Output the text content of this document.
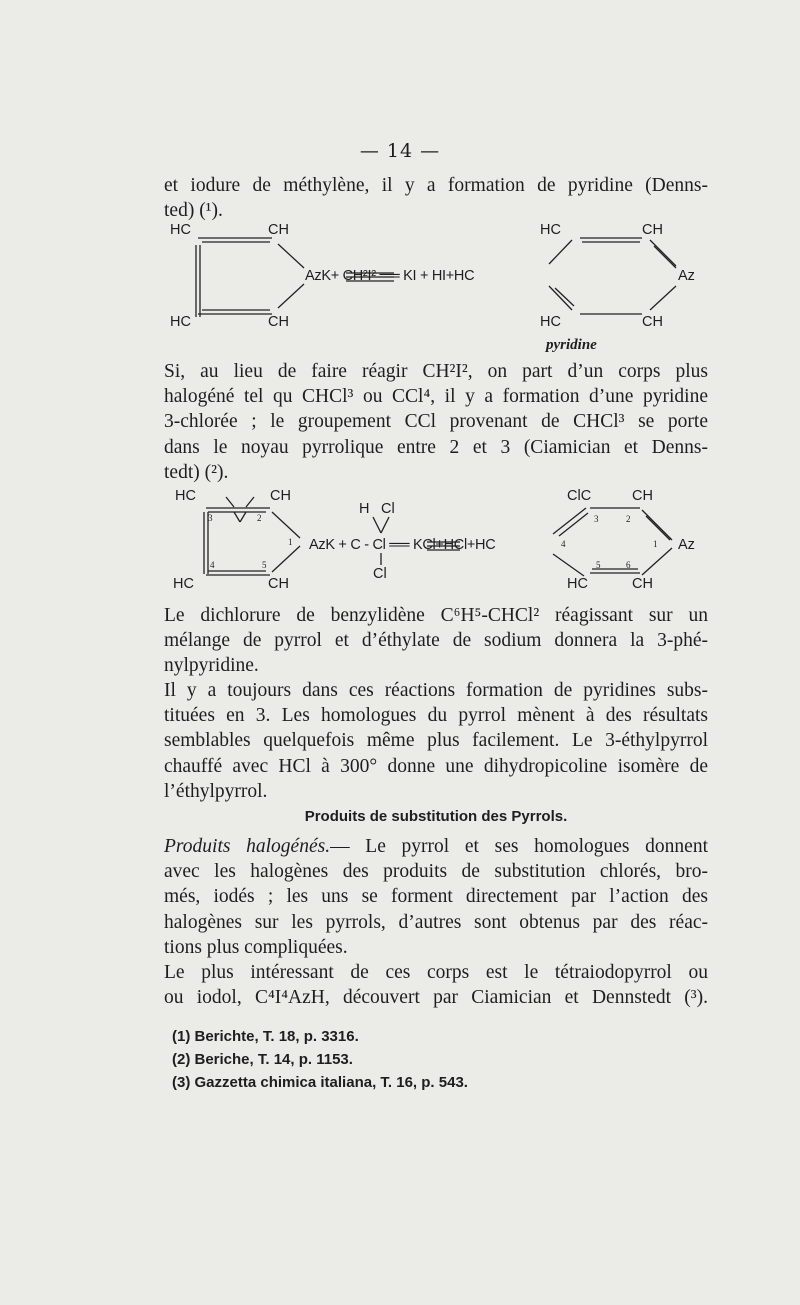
— 14 —
et iodure de méthylène, il y a formation de pyridine (Denns-
ted) (¹).
HC	CH
HC	CH
AzK+ CH²I² ══ KI + HI+HC
HC	CH
HC	CH
Az
pyridine
Si, au lieu de faire réagir CH²I², on part d’un corps plus
halogéné tel qu CHCl³ ou CCl⁴, il y a formation d’une pyridine
3-chlorée ; le groupement CCl provenant de CHCl³ se porte
dans le noyau pyrrolique entre 2 et 3 (Ciamician et Denns-
tedt) (²).
HC	CH
HC	CH
3	2
1
4	5
H Cl
AzK + C - Cl ══ KCl+HCl+HC
Cl
ClC	CH
HC	CH
3	2
4	1
5	6
Az
Le dichlorure de benzylidène C⁶H⁵-CHCl² réagissant sur un
mélange de pyrrol et d’éthylate de sodium donnera la 3-phé-
nylpyridine.
Il y a toujours dans ces réactions formation de pyridines subs-
tituées en 3. Les homologues du pyrrol mènent à des résultats
semblables quelquefois même plus facilement. Le 3-éthylpyrrol
chauffé avec HCl à 300° donne une dihydropicoline isomère de
l’éthylpyrrol.
Produits de substitution des Pyrrols.
Produits halogénés.— Le pyrrol et ses homologues donnent
avec les halogènes des produits de substitution chlorés, bro-
més, iodés ; les uns se forment directement par l’action des
halogènes sur les pyrrols, d’autres sont obtenus par des réac-
tions plus compliquées.
Le plus intéressant de ces corps est le tétraiodopyrrol ou
ou iodol, C⁴I⁴AzH, découvert par Ciamician et Dennstedt (³).
(1) Berichte, T. 18, p. 3316.
(2) Beriche, T. 14, p. 1153.
(3) Gazzetta chimica italiana, T. 16, p. 543.
